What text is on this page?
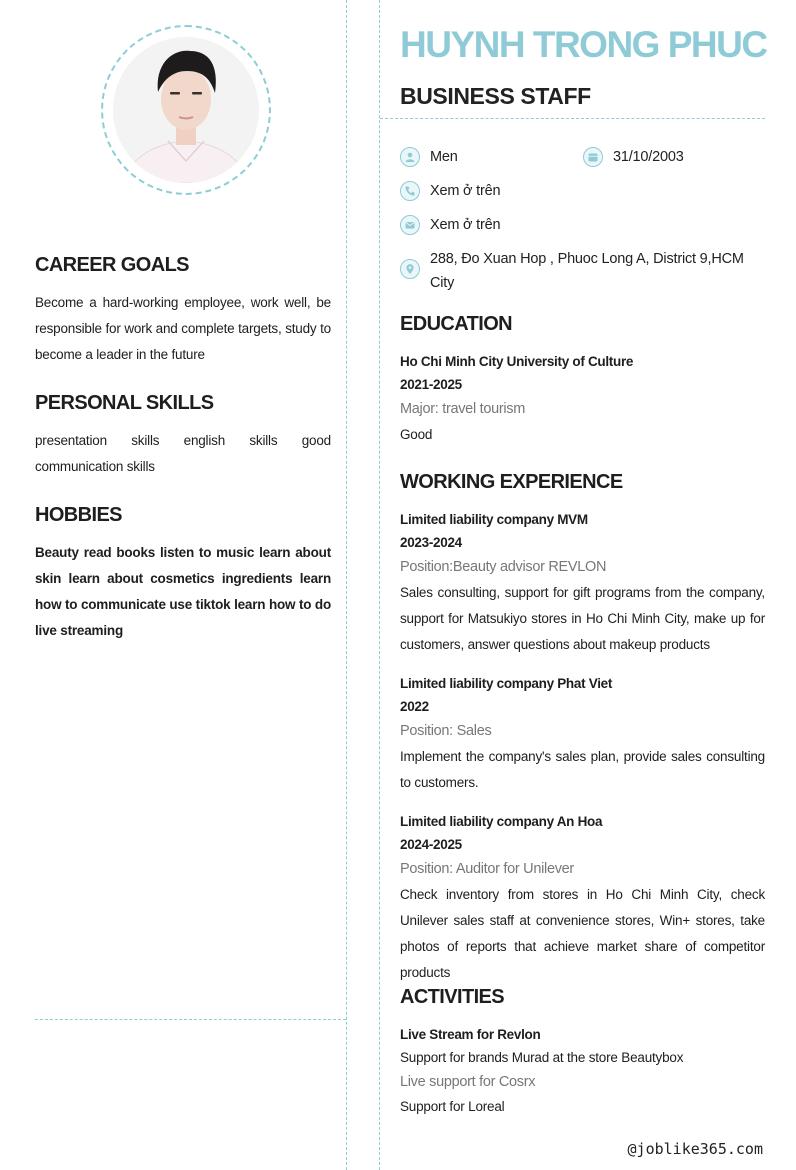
CAREER GOALS

Become a hard-working employee, work well, be responsible for work and complete targets, study to become a leader in the future

PERSONAL SKILLS

presentation skills english skills good communication skills

HOBBIES

Beauty read books listen to music learn about skin learn about cosmetics ingredients learn how to communicate use tiktok learn how to do live streaming

HUYNH TRONG PHUC
BUSINESS STAFF
Men	31/10/2003
Xem ở trên
Xem ở trên
288, Đo Xuan Hop , Phuoc Long A, District 9,HCM City
EDUCATION

Ho Chi Minh City University of Culture

2021-2025

Major: travel tourism

Good

WORKING EXPERIENCE

Limited liability company MVM

2023-2024

Position:Beauty advisor REVLON

Sales consulting, support for gift programs from the company, support for Matsukiyo stores in Ho Chi Minh City, make up for customers, answer questions about makeup products

Limited liability company Phat Viet

2022

Position: Sales

Implement the company's sales plan, provide sales consulting to customers.

Limited liability company An Hoa

2024-2025

Position: Auditor for Unilever

Check inventory from stores in Ho Chi Minh City, check Unilever sales staff at convenience stores, Win+ stores, take photos of reports that achieve market share of competitor products

ACTIVITIES

Live Stream for Revlon

Support for brands Murad at the store Beautybox

Live support for Cosrx

Support for Loreal

@joblike365.com
